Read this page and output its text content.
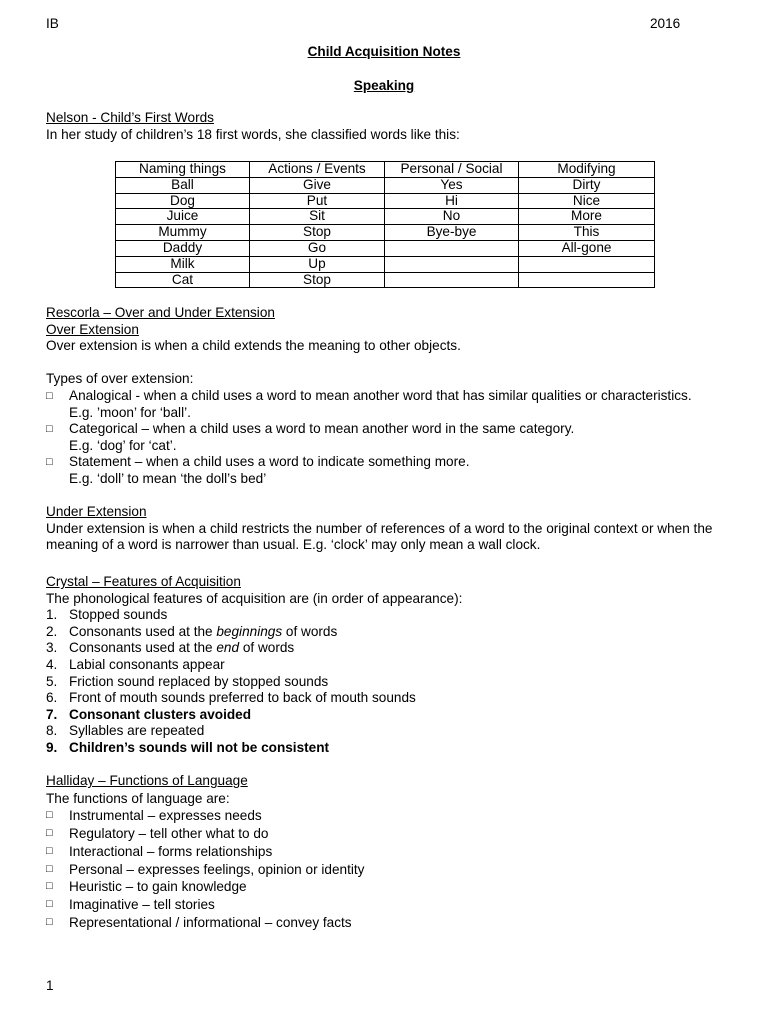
IB	2016
Child Acquisition Notes
Speaking
Nelson - Child’s First Words
In her study of children’s 18 first words, she classified words like this:
Naming things	Actions / Events	Personal / Social	Modifying
Ball	Give	Yes	Dirty
Dog	Put	Hi	Nice
Juice	Sit	No	More
Mummy	Stop	Bye-bye	This
Daddy	Go		All-gone
Milk	Up		
Cat	Stop		
Rescorla – Over and Under Extension
Over Extension
Over extension is when a child extends the meaning to other objects.
Types of over extension:
□	Analogical - when a child uses a word to mean another word that has similar qualities or characteristics.
E.g. ’moon’ for ‘ball’.
□	Categorical – when a child uses a word to mean another word in the same category.
E.g. ‘dog’ for ‘cat’.
□	Statement – when a child uses a word to indicate something more.
E.g. ‘doll’ to mean ‘the doll’s bed’
Under Extension
Under extension is when a child restricts the number of references of a word to the original context or when the meaning of a word is narrower than usual. E.g. ‘clock’ may only mean a wall clock.
Crystal – Features of Acquisition
The phonological features of acquisition are (in order of appearance):
1. Stopped sounds
2. Consonants used at the beginnings of words
3. Consonants used at the end of words
4. Labial consonants appear
5. Friction sound replaced by stopped sounds
6. Front of mouth sounds preferred to back of mouth sounds
7. Consonant clusters avoided
8. Syllables are repeated
9. Children’s sounds will not be consistent
Halliday – Functions of Language
The functions of language are:
□	Instrumental – expresses needs
□	Regulatory – tell other what to do
□	Interactional – forms relationships
□	Personal – expresses feelings, opinion or identity
□	Heuristic – to gain knowledge
□	Imaginative – tell stories
□	Representational / informational – convey facts
1
